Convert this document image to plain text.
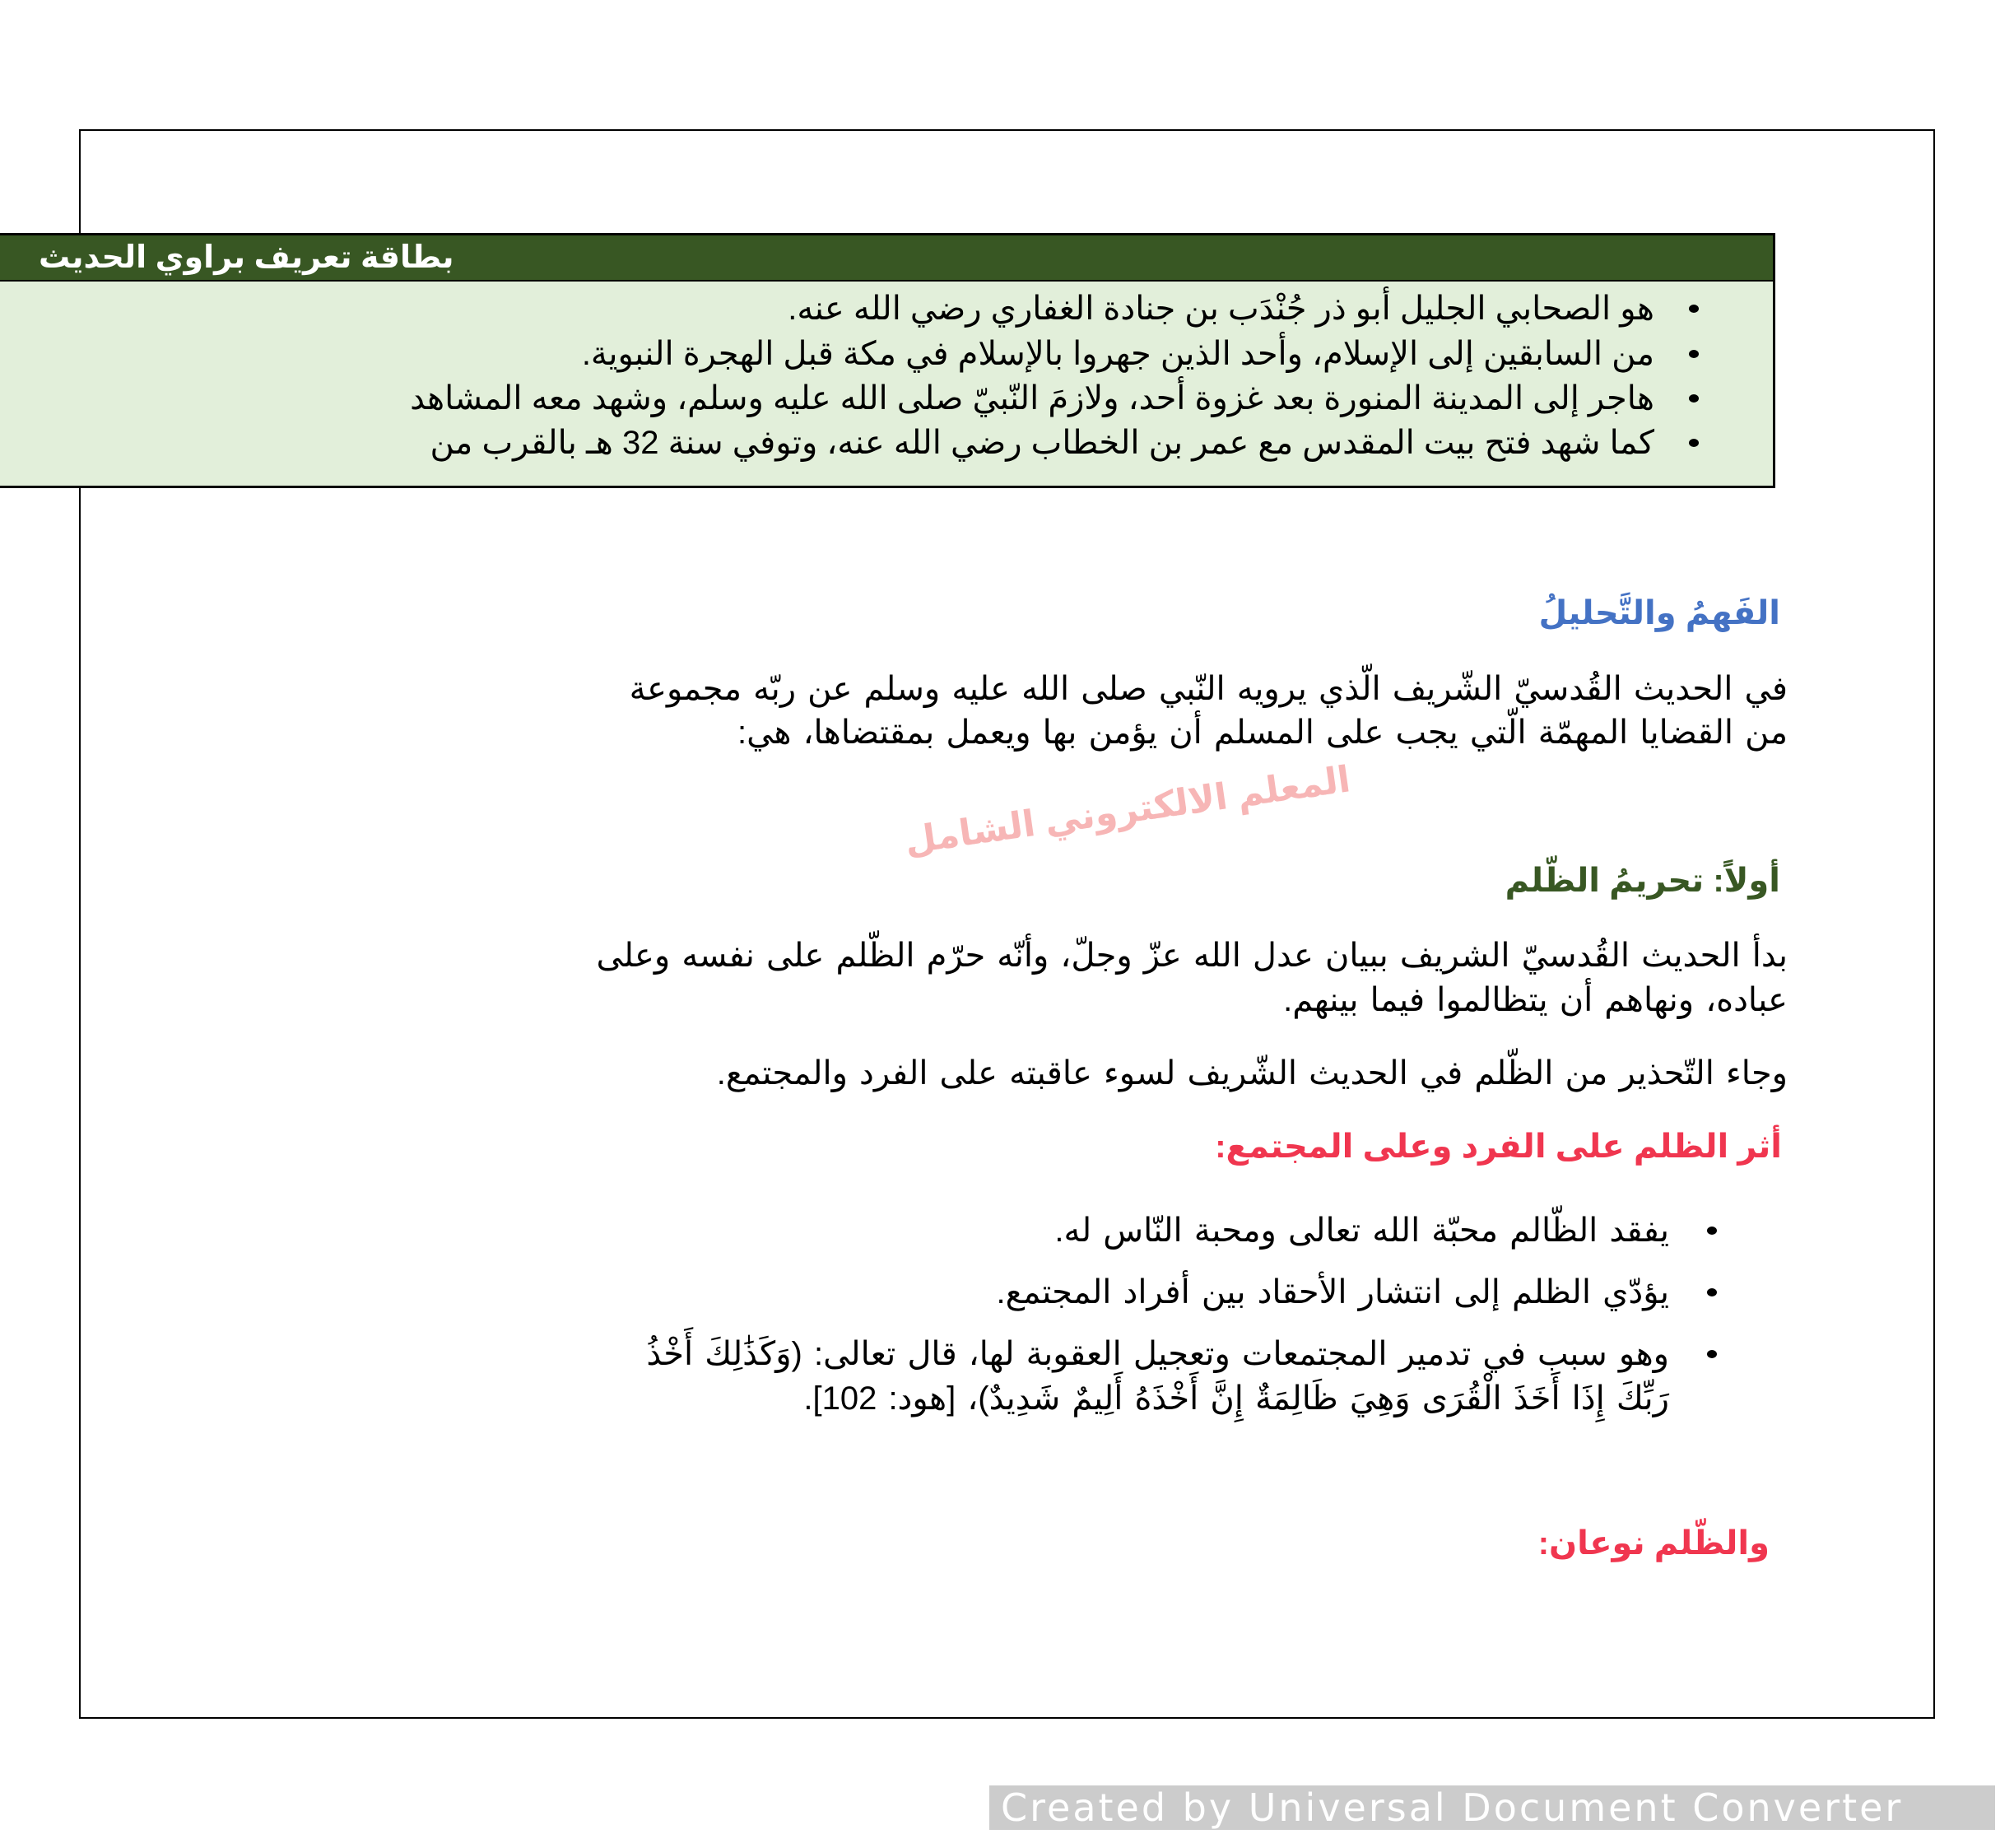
بطاقة تعريف براوي الحديث
هو الصحابي الجليل أبو ذر جُنْدَب بن جنادة الغفاري رضي الله عنه.
من السابقين إلى الإسلام، وأحد الذين جهروا بالإسلام في مكة قبل الهجرة النبوية.
هاجر إلى المدينة المنورة بعد غزوة أحد، ولازمَ النّبيّ صلى الله عليه وسلم، وشهد معه المشاهد
كما شهد فتح بيت المقدس مع عمر بن الخطاب رضي الله عنه، وتوفي سنة 32 هـ بالقرب من
الفَهمُ والتَّحليلُ
في الحديث القُدسيّ الشّريف الّذي يرويه النّبي صلى الله عليه وسلم عن ربّه مجموعة
من القضايا المهمّة الّتي يجب على المسلم أن يؤمن بها ويعمل بمقتضاها، هي:
المعلم الالكتروني الشامل
أولاً: تحريمُ الظّلم
بدأ الحديث القُدسيّ الشريف ببيان عدل الله عزّ وجلّ، وأنّه حرّم الظّلم على نفسه وعلى
عباده، ونهاهم أن يتظالموا فيما بينهم.
وجاء التّحذير من الظّلم في الحديث الشّريف لسوء عاقبته على الفرد والمجتمع.
أثر الظلم على الفرد وعلى المجتمع:
يفقد الظّالم محبّة الله تعالى ومحبة النّاس له.
يؤدّي الظلم إلى انتشار الأحقاد بين أفراد المجتمع.
وهو سبب في تدمير المجتمعات وتعجيل العقوبة لها، قال تعالى: (وَكَذَٰلِكَ أَخْذُ
رَبِّكَ إِذَا أَخَذَ الْقُرَى وَهِيَ ظَالِمَةٌ إِنَّ أَخْذَهُ أَلِيمٌ شَدِيدٌ)، [هود: 102].
والظّلم نوعان:
Created by Universal Document Converter
